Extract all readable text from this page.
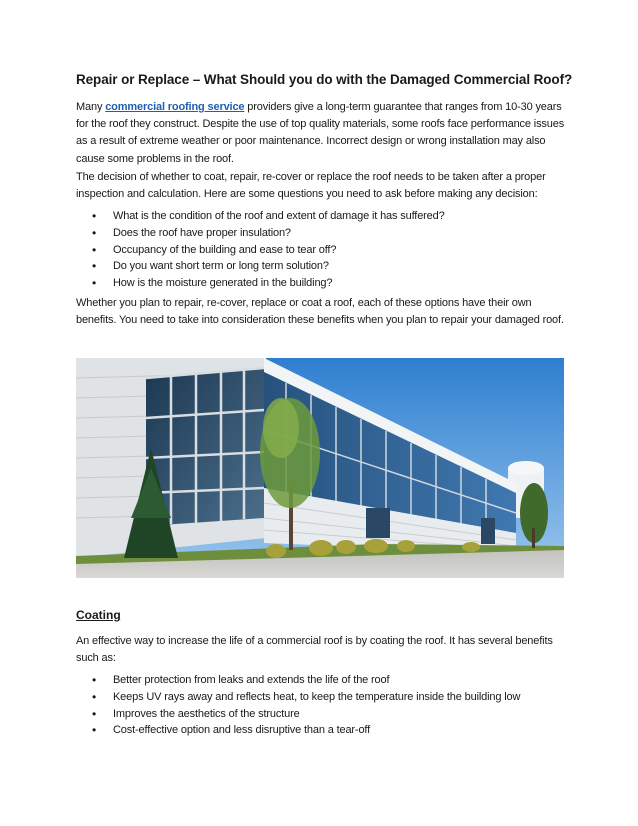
Repair or Replace – What Should you do with the Damaged Commercial Roof?

Many commercial roofing service providers give a long-term guarantee that ranges from 10-30 years for the roof they construct. Despite the use of top quality materials, some roofs face performance issues as a result of extreme weather or poor maintenance. Incorrect design or wrong installation may also cause some problems in the roof.

The decision of whether to coat, repair, re-cover or replace the roof needs to be taken after a proper inspection and calculation. Here are some questions you need to ask before making any decision:

• What is the condition of the roof and extent of damage it has suffered?
• Does the roof have proper insulation?
• Occupancy of the building and ease to tear off?
• Do you want short term or long term solution?
• How is the moisture generated in the building?

Whether you plan to repair, re-cover, replace or coat a roof, each of these options have their own benefits. You need to take into consideration these benefits when you plan to repair your damaged roof.

Coating

An effective way to increase the life of a commercial roof is by coating the roof. It has several benefits such as:

• Better protection from leaks and extends the life of the roof
• Keeps UV rays away and reflects heat, to keep the temperature inside the building low
• Improves the aesthetics of the structure
• Cost-effective option and less disruptive than a tear-off
